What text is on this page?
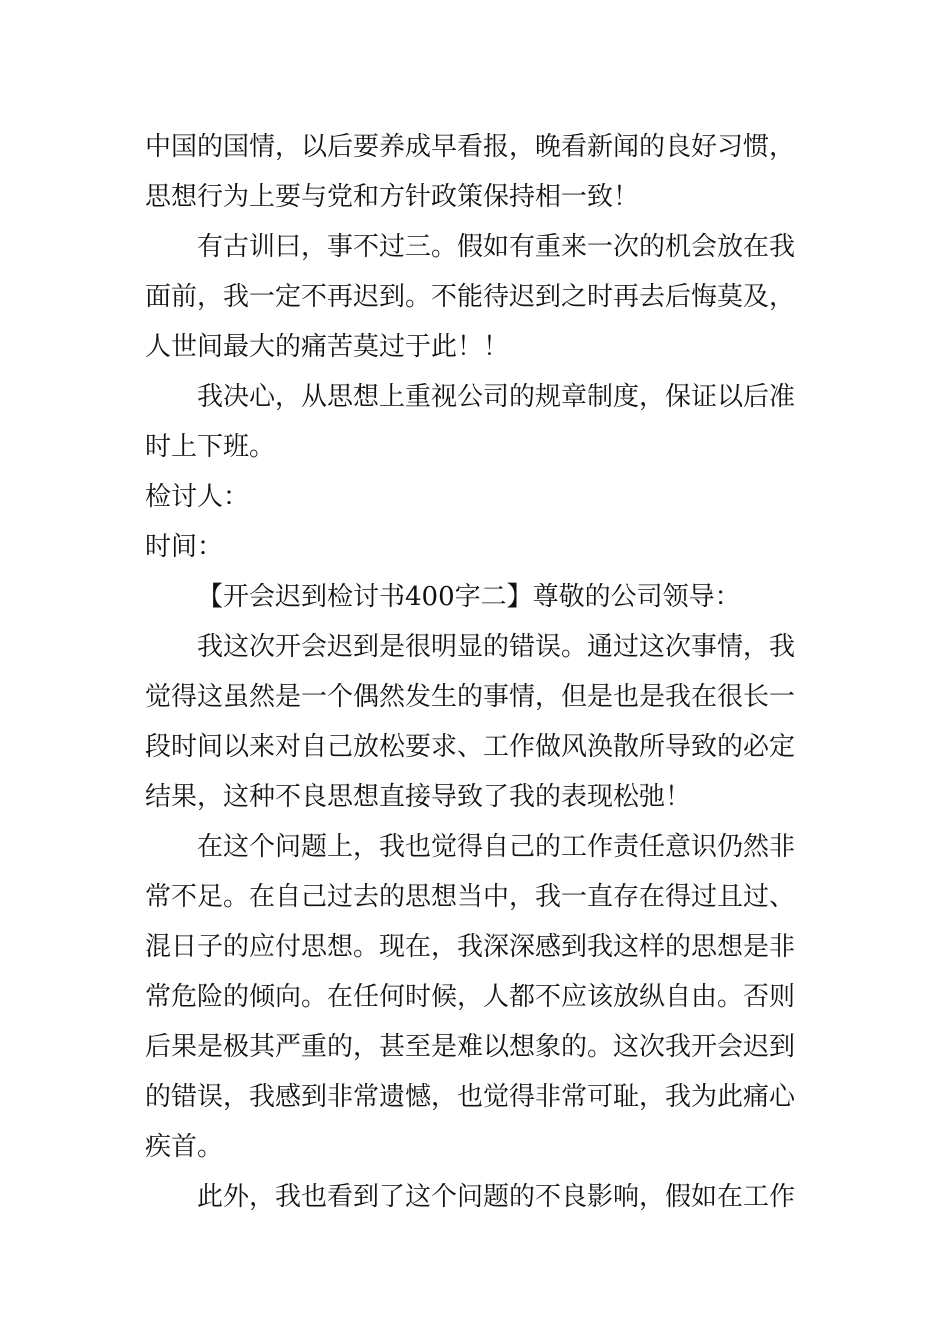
中国的国情，以后要养成早看报，晚看新闻的良好习惯，
思想行为上要与党和方针政策保持相一致！
有古训曰，事不过三。假如有重来一次的机会放在我
面前，我一定不再迟到。不能待迟到之时再去后悔莫及，
人世间最大的痛苦莫过于此！！
我决心，从思想上重视公司的规章制度，保证以后准
时上下班。
检讨人：
时间：
【开会迟到检讨书400字二】尊敬的公司领导：
我这次开会迟到是很明显的错误。通过这次事情，我
觉得这虽然是一个偶然发生的事情，但是也是我在很长一
段时间以来对自己放松要求、工作做风涣散所导致的必定
结果，这种不良思想直接导致了我的表现松弛！
在这个问题上，我也觉得自己的工作责任意识仍然非
常不足。在自己过去的思想当中，我一直存在得过且过、
混日子的应付思想。现在，我深深感到我这样的思想是非
常危险的倾向。在任何时候，人都不应该放纵自由。否则
后果是极其严重的，甚至是难以想象的。这次我开会迟到
的错误，我感到非常遗憾，也觉得非常可耻，我为此痛心
疾首。
此外，我也看到了这个问题的不良影响，假如在工作
